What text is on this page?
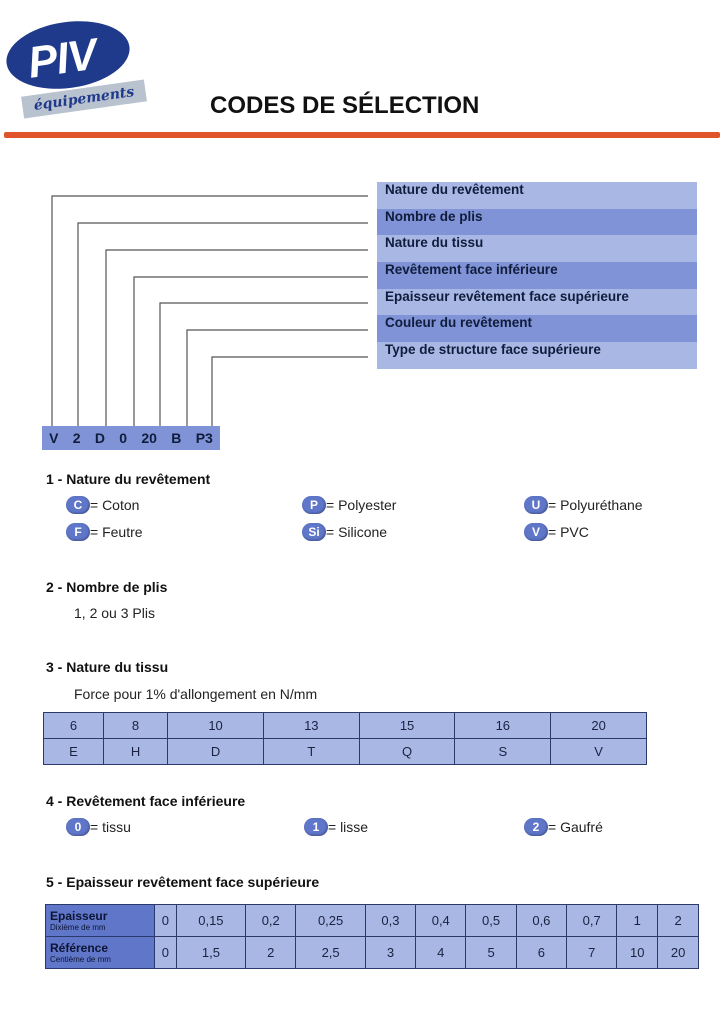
PIV
équipements	CODES DE SÉLECTION
Nature du revêtement
Nombre de plis
Nature du tissu
Revêtement face inférieure
Epaisseur revêtement face supérieure
Couleur du revêtement
Type de structure face supérieure
V 2 D 0 20 B P3
1 - Nature du revêtement
C = Coton	P = Polyester	U = Polyuréthane
F = Feutre	Si = Silicone	V = PVC
2 - Nombre de plis
1, 2 ou 3 Plis
3 - Nature du tissu
Force pour 1% d'allongement en N/mm
6	8	10	13	15	16	20
E	H	D	T	Q	S	V
4 - Revêtement face inférieure
0 = tissu	1 = lisse	2 = Gaufré
5 - Epaisseur revêtement face supérieure
Epaisseur
Dixième de mm	0	0,15	0,2	0,25	0,3	0,4	0,5	0,6	0,7	1	2

Référence
Centième de mm	0	1,5	2	2,5	3	4	5	6	7	10	20
